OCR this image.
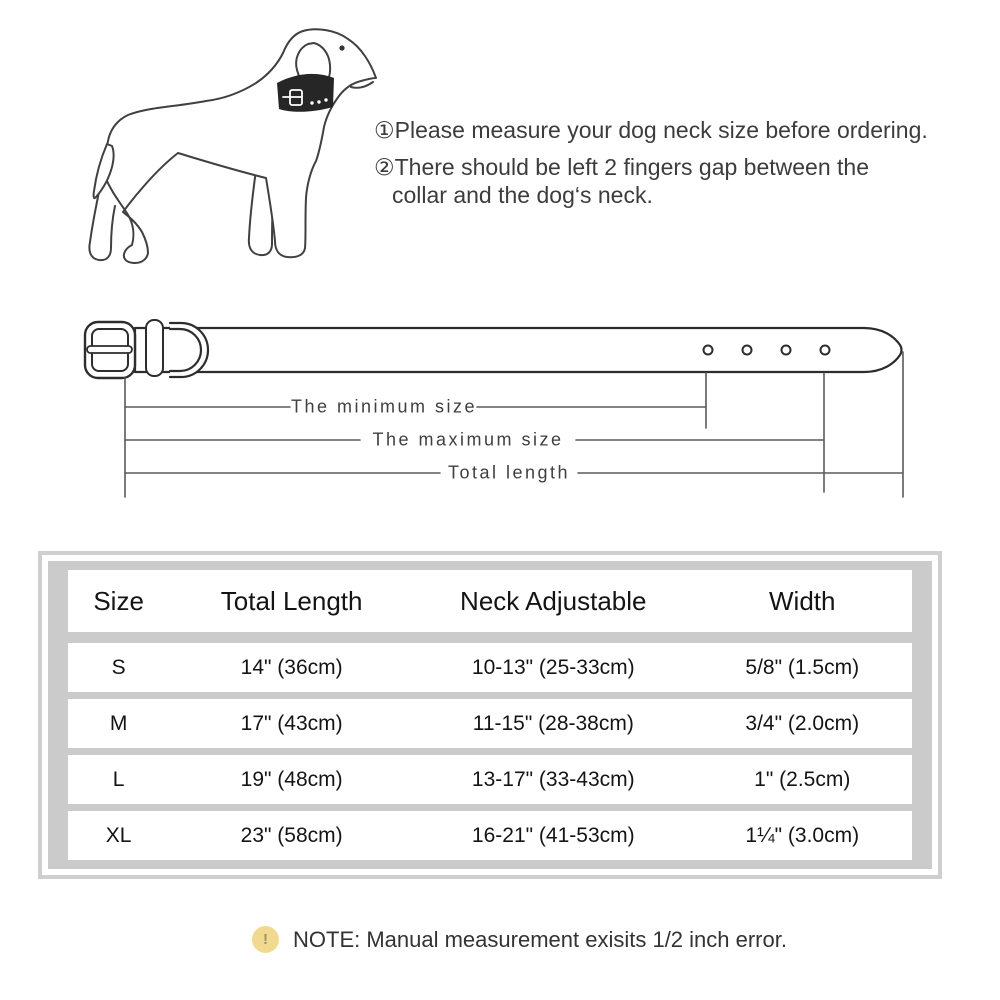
①Please measure your dog neck size before ordering.
②There should be left 2 fingers gap between the
collar and the dog‘s neck.
The minimum size
The maximum size
Total length
Size	Total Length	Neck Adjustable	Width
S	14" (36cm)	10-13" (25-33cm)	5/8" (1.5cm)
M	17" (43cm)	11-15" (28-38cm)	3/4" (2.0cm)
L	19" (48cm)	13-17" (33-43cm)	1" (2.5cm)
XL	23" (58cm)	16-21" (41-53cm)	1¼" (3.0cm)
!	NOTE: Manual measurement exisits 1/2 inch error.
